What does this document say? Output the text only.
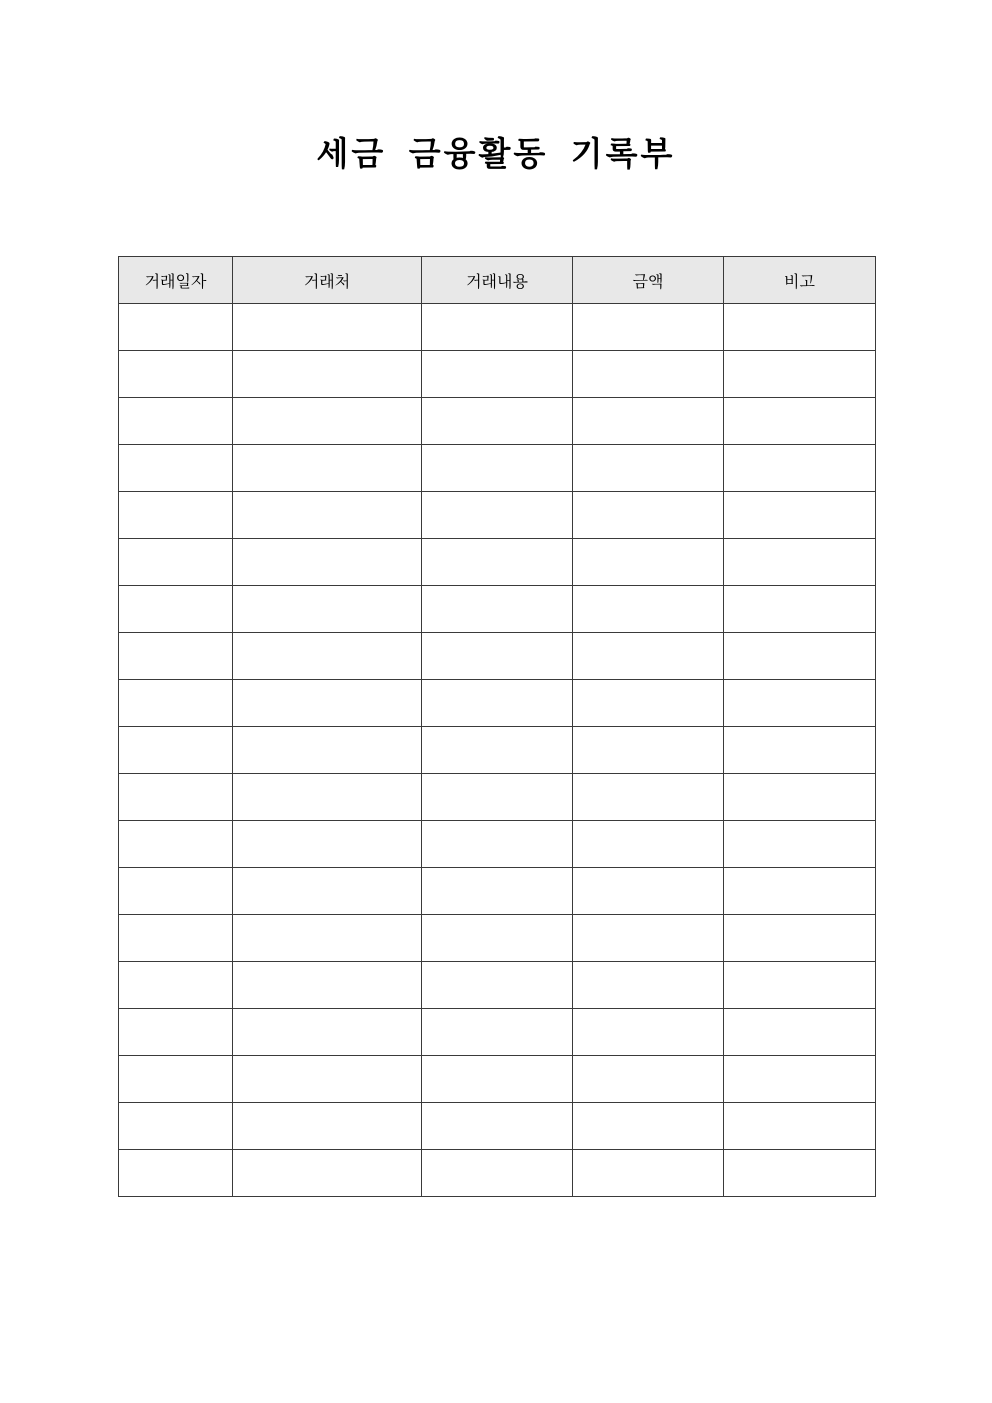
세금 금융활동 기록부
거래일자	거래처	거래내용	금액	비고
